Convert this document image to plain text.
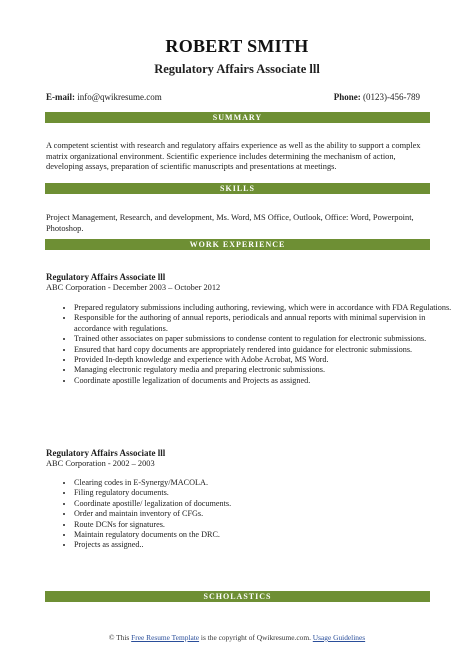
ROBERT SMITH
Regulatory Affairs Associate lll
E-mail: info@qwikresume.com	Phone: (0123)-456-789
SUMMARY
A competent scientist with research and regulatory affairs experience as well as the ability to support a complex matrix organizational environment. Scientific experience includes determining the mechanism of action, developing assays, preparation of scientific manuscripts and presentations at meetings.
SKILLS
Project Management, Research, and development, Ms. Word, MS Office, Outlook, Office: Word, Powerpoint, Photoshop.
WORK EXPERIENCE
Regulatory Affairs Associate lll
ABC Corporation - December 2003 – October 2012
• Prepared regulatory submissions including authoring, reviewing, which were in accordance with FDA Regulations.
• Responsible for the authoring of annual reports, periodicals and annual reports with minimal supervision in accordance with regulations.
• Trained other associates on paper submissions to condense content to regulation for electronic submissions.
• Ensured that hard copy documents are appropriately rendered into guidance for electronic submissions.
• Provided In-depth knowledge and experience with Adobe Acrobat, MS Word.
• Managing electronic regulatory media and preparing electronic submissions.
• Coordinate apostille legalization of documents and Projects as assigned.
Regulatory Affairs Associate lll
ABC Corporation - 2002 – 2003
• Clearing codes in E-Synergy/MACOLA.
• Filing regulatory documents.
• Coordinate apostille/ legalization of documents.
• Order and maintain inventory of CFGs.
• Route DCNs for signatures.
• Maintain regulatory documents on the DRC.
• Projects as assigned..
SCHOLASTICS
© This Free Resume Template is the copyright of Qwikresume.com. Usage Guidelines
